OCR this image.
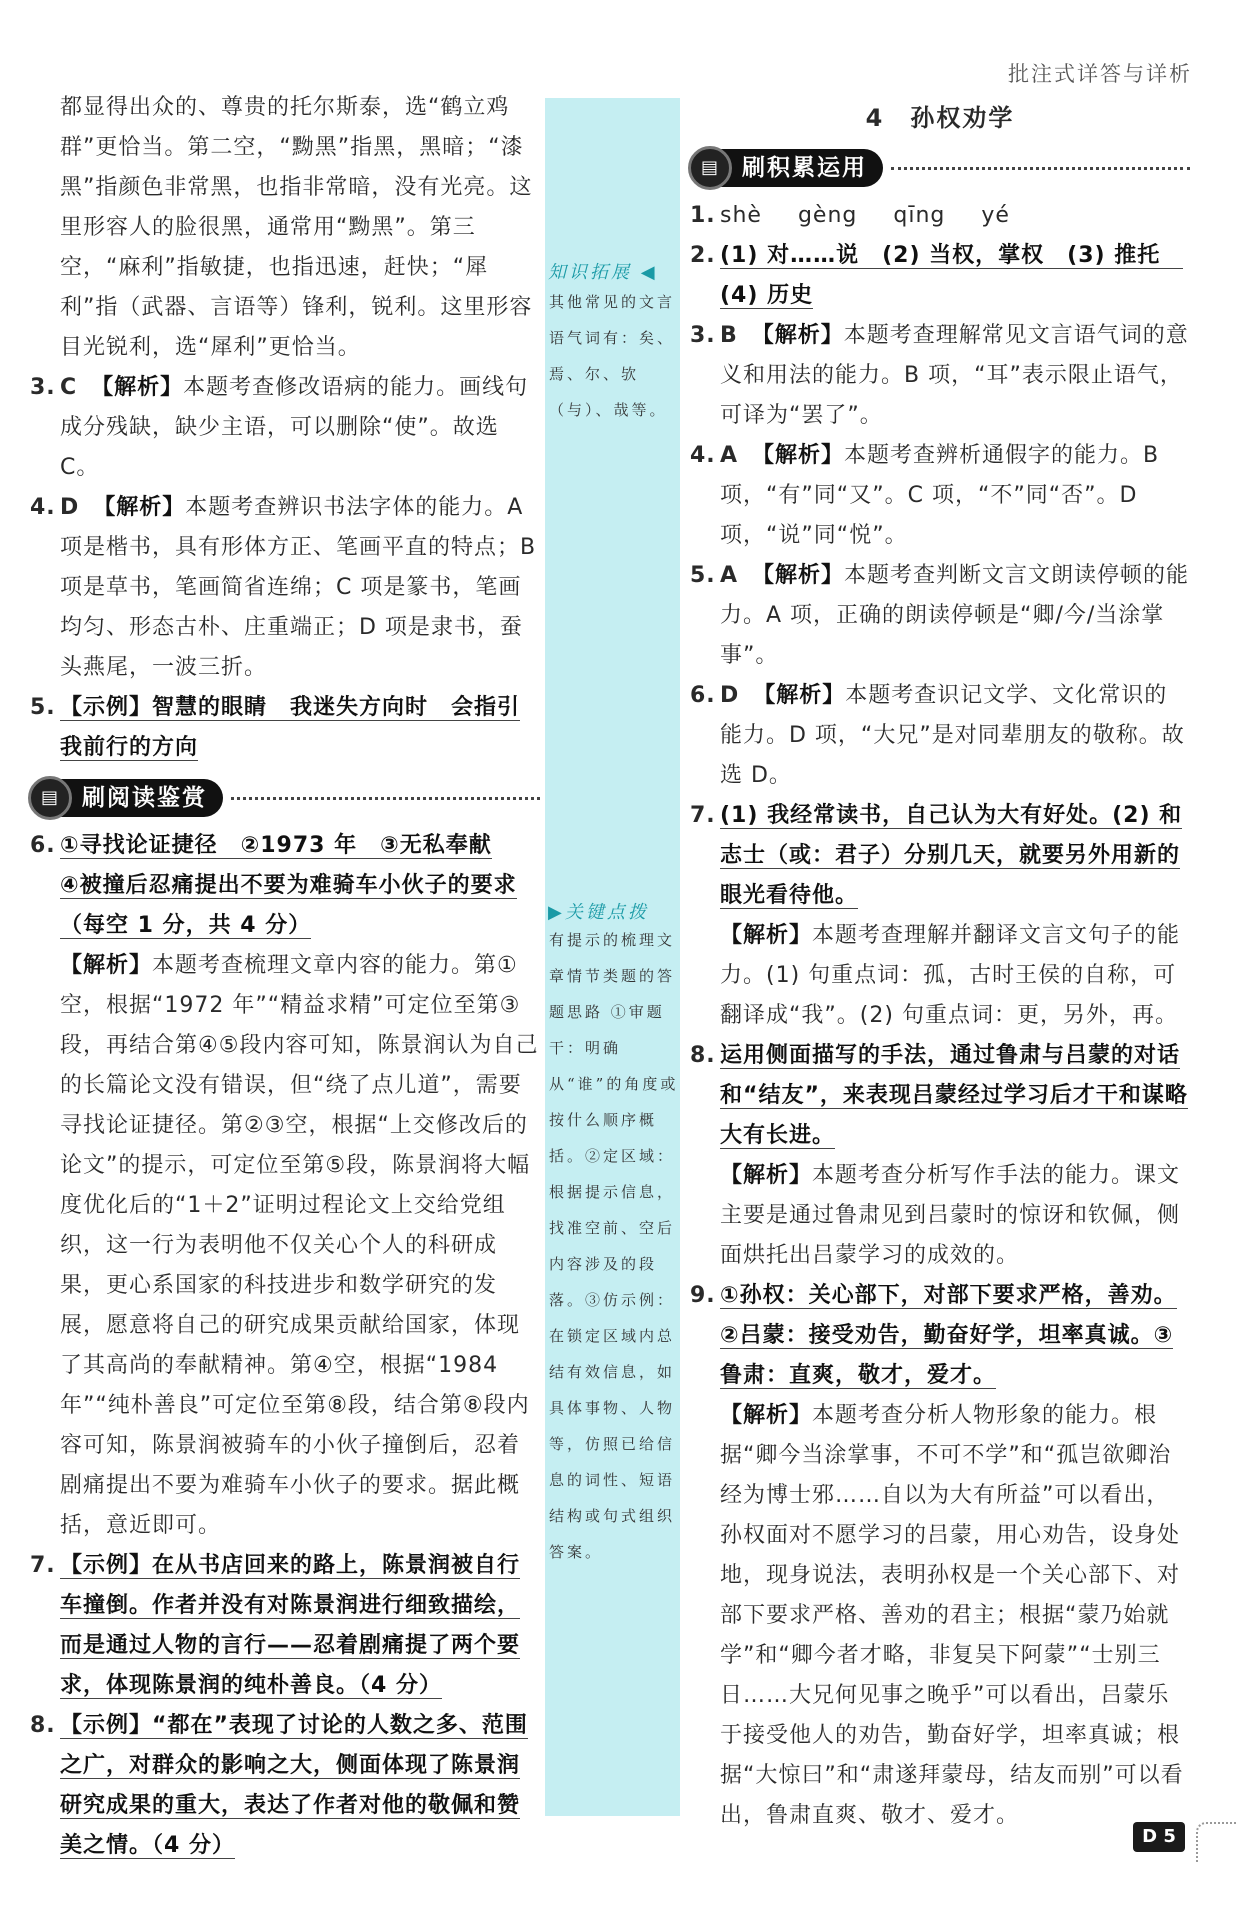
批注式详答与详析
知识拓展 ◀
其他常见的文言语气词有：矣、焉、尔、欤（与）、哉等。
▶关键点拨
有提示的梳理文章情节类题的答题思路 ①审题干：明确从“谁”的角度或按什么顺序概括。②定区域：根据提示信息，找准空前、空后内容涉及的段落。③仿示例：在锁定区域内总结有效信息，如具体事物、人物等，仿照已给信息的词性、短语结构或句式组织答案。
都显得出众的、尊贵的托尔斯泰，选“鹤立鸡群”更恰当。第二空，“黝黑”指黑，黑暗；“漆黑”指颜色非常黑，也指非常暗，没有光亮。这里形容人的脸很黑，通常用“黝黑”。第三空，“麻利”指敏捷，也指迅速，赶快；“犀利”指（武器、言语等）锋利，锐利。这里形容目光锐利，选“犀利”更恰当。
3. C 【解析】本题考查修改语病的能力。画线句成分残缺，缺少主语，可以删除“使”。故选 C。
4. D 【解析】本题考查辨识书法字体的能力。A 项是楷书，具有形体方正、笔画平直的特点；B 项是草书，笔画简省连绵；C 项是篆书，笔画均匀、形态古朴、庄重端正；D 项是隶书，蚕头燕尾，一波三折。
5. 【示例】智慧的眼睛　我迷失方向时　会指引我前行的方向
▤	刷阅读鉴赏
6. ①寻找论证捷径　②1973 年　③无私奉献
④被撞后忍痛提出不要为难骑车小伙子的要求（每空 1 分，共 4 分）
【解析】本题考查梳理文章内容的能力。第①空，根据“1972 年”“精益求精”可定位至第③段，再结合第④⑤段内容可知，陈景润认为自己的长篇论文没有错误，但“绕了点儿道”，需要寻找论证捷径。第②③空，根据“上交修改后的论文”的提示，可定位至第⑤段，陈景润将大幅度优化后的“1＋2”证明过程论文上交给党组织，这一行为表明他不仅关心个人的科研成果，更心系国家的科技进步和数学研究的发展，愿意将自己的研究成果贡献给国家，体现了其高尚的奉献精神。第④空，根据“1984 年”“纯朴善良”可定位至第⑧段，结合第⑧段内容可知，陈景润被骑车的小伙子撞倒后，忍着剧痛提出不要为难骑车小伙子的要求。据此概括，意近即可。
7. 【示例】在从书店回来的路上，陈景润被自行车撞倒。作者并没有对陈景润进行细致描绘，而是通过人物的言行——忍着剧痛提了两个要求，体现陈景润的纯朴善良。（4 分）
8. 【示例】“都在”表现了讨论的人数之多、范围之广，对群众的影响之大，侧面体现了陈景润研究成果的重大，表达了作者对他的敬佩和赞美之情。（4 分）
4　孙权劝学
▤	刷积累运用
1. shè gèng qīng yé
2. (1) 对……说　(2) 当权，掌权　(3) 推托　(4) 历史
3. B 【解析】本题考查理解常见文言语气词的意义和用法的能力。B 项，“耳”表示限止语气，可译为“罢了”。
4. A 【解析】本题考查辨析通假字的能力。B 项，“有”同“又”。C 项，“不”同“否”。D 项，“说”同“悦”。
5. A 【解析】本题考查判断文言文朗读停顿的能力。A 项，正确的朗读停顿是“卿/今/当涂掌事”。
6. D 【解析】本题考查识记文学、文化常识的能力。D 项，“大兄”是对同辈朋友的敬称。故选 D。
7. (1) 我经常读书，自己认为大有好处。(2) 和志士（或：君子）分别几天，就要另外用新的眼光看待他。
【解析】本题考查理解并翻译文言文句子的能力。(1) 句重点词：孤，古时王侯的自称，可翻译成“我”。(2) 句重点词：更，另外，再。
8. 运用侧面描写的手法，通过鲁肃与吕蒙的对话和“结友”，来表现吕蒙经过学习后才干和谋略大有长进。
【解析】本题考查分析写作手法的能力。课文主要是通过鲁肃见到吕蒙时的惊讶和钦佩，侧面烘托出吕蒙学习的成效的。
9. ①孙权：关心部下，对部下要求严格，善劝。②吕蒙：接受劝告，勤奋好学，坦率真诚。③鲁肃：直爽，敬才，爱才。
【解析】本题考查分析人物形象的能力。根据“卿今当涂掌事，不可不学”和“孤岂欲卿治经为博士邪……自以为大有所益”可以看出，孙权面对不愿学习的吕蒙，用心劝告，设身处地，现身说法，表明孙权是一个关心部下、对部下要求严格、善劝的君主；根据“蒙乃始就学”和“卿今者才略，非复吴下阿蒙”“士别三日……大兄何见事之晚乎”可以看出，吕蒙乐于接受他人的劝告，勤奋好学，坦率真诚；根据“大惊曰”和“肃遂拜蒙母，结友而别”可以看出，鲁肃直爽、敬才、爱才。
D 5
